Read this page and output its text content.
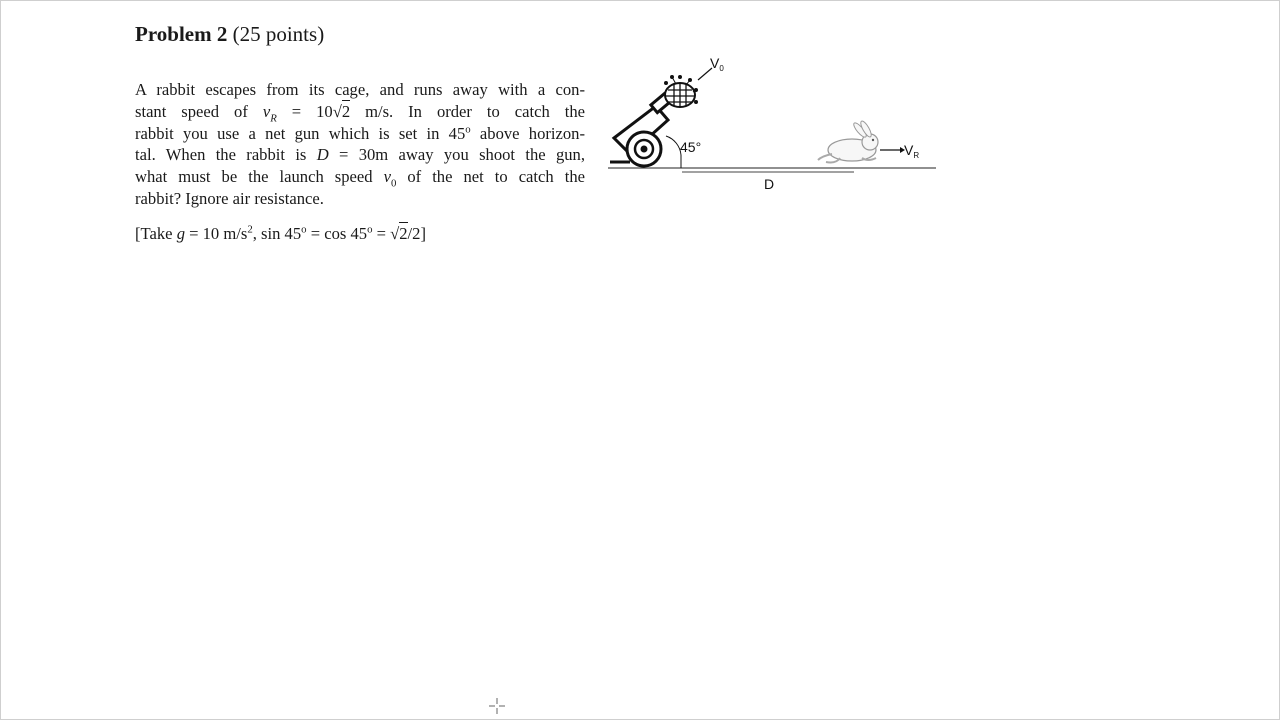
Problem 2 (25 points)
A rabbit escapes from its cage, and runs away with a con-
stant speed of $v_R = 10√2$ m/s. In order to catch the
rabbit you use a net gun which is set in 45$^o$ above horizon-
tal. When the rabbit is D = 30m away you shoot the gun,
what must be the launch speed $v_0$ of the net to catch the
rabbit? Ignore air resistance.
[Take g = 10 $m/s^2$, $\sin 45^o = \cos 45^o = √2/2$]
D
$V_0$
45°	$V_R$
